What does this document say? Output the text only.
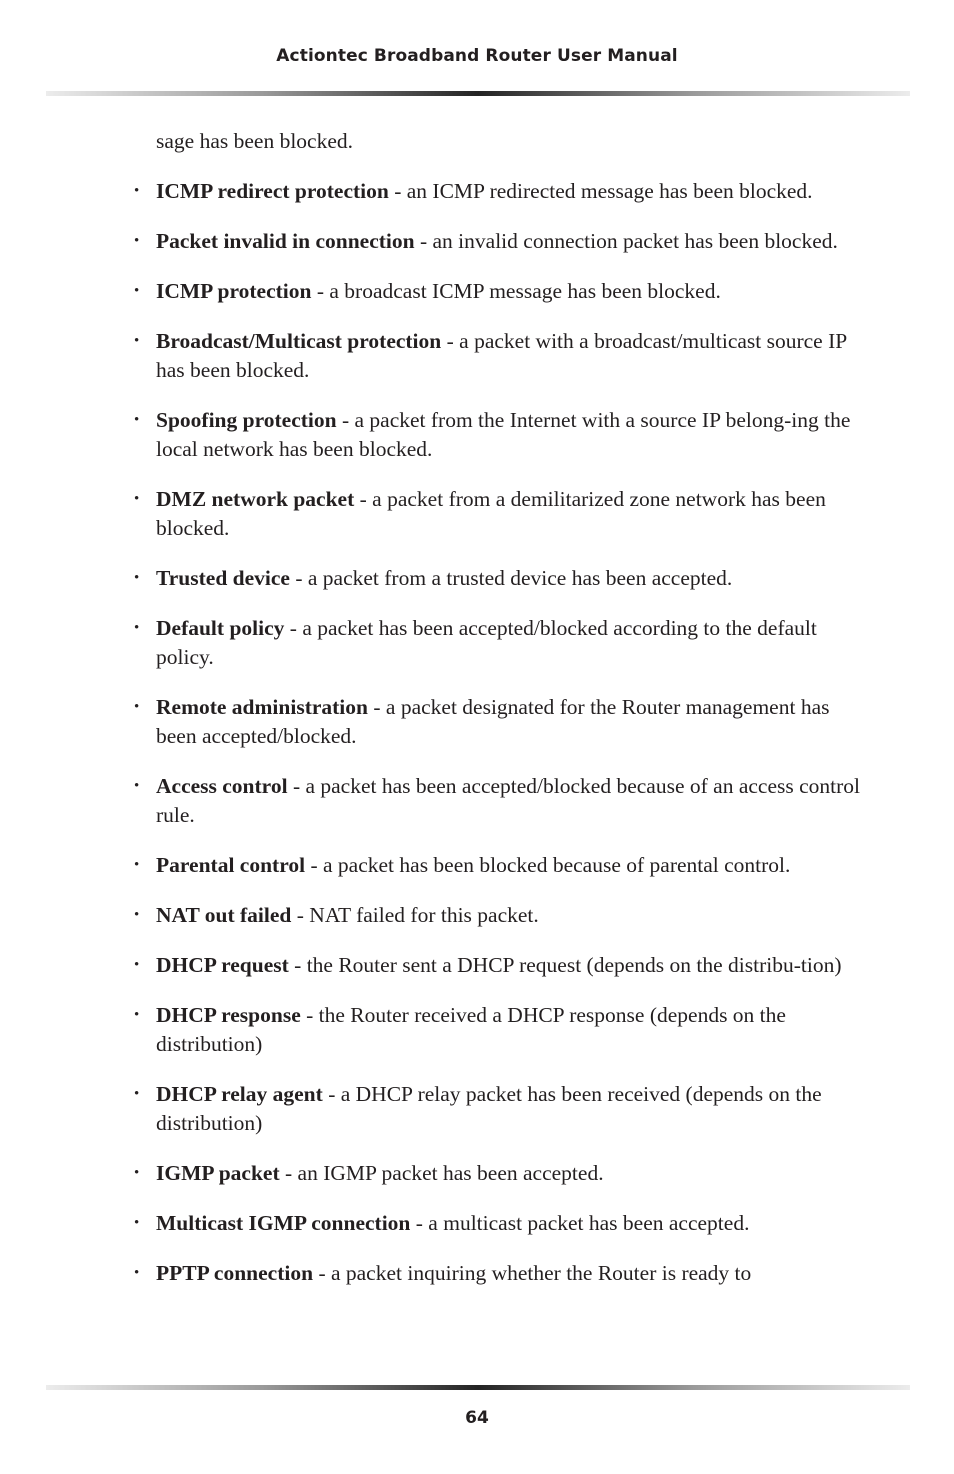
Actiontec Broadband Router User Manual

sage has been blocked.

• ICMP redirect protection - an ICMP redirected message has been blocked.
• Packet invalid in connection - an invalid connection packet has been blocked.
• ICMP protection - a broadcast ICMP message has been blocked.
• Broadcast/Multicast protection - a packet with a broadcast/multicast source IP has been blocked.
• Spoofing protection - a packet from the Internet with a source IP belong-ing the local network has been blocked.
• DMZ network packet - a packet from a demilitarized zone network has been blocked.
• Trusted device - a packet from a trusted device has been accepted.
• Default policy - a packet has been accepted/blocked according to the default policy.
• Remote administration - a packet designated for the Router management has been accepted/blocked.
• Access control - a packet has been accepted/blocked because of an access control rule.
• Parental control - a packet has been blocked because of parental control.
• NAT out failed - NAT failed for this packet.
• DHCP request - the Router sent a DHCP request (depends on the distribu-tion)
• DHCP response - the Router received a DHCP response (depends on the distribution)
• DHCP relay agent - a DHCP relay packet has been received (depends on the distribution)
• IGMP packet - an IGMP packet has been accepted.
• Multicast IGMP connection - a multicast packet has been accepted.
• PPTP connection - a packet inquiring whether the Router is ready to
64
